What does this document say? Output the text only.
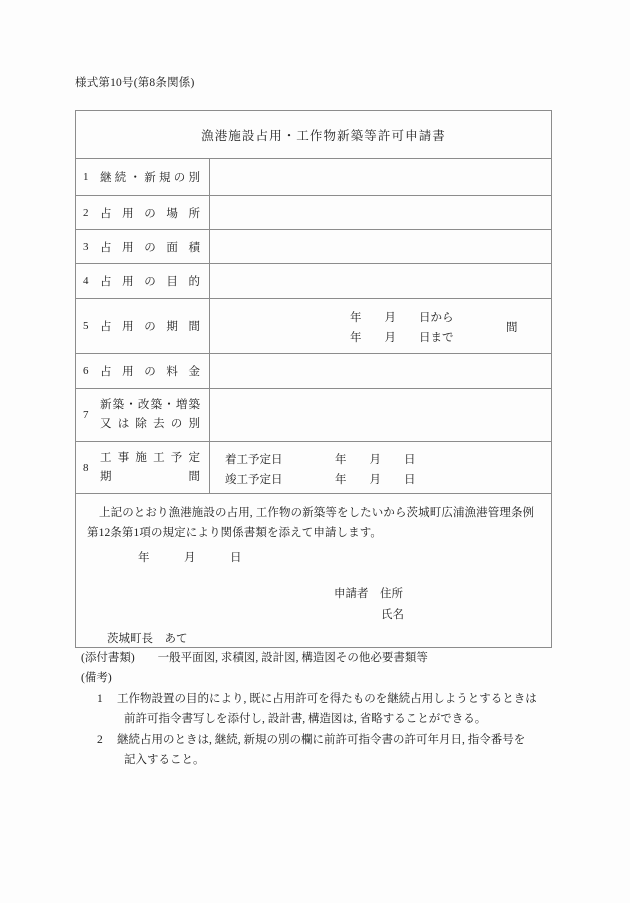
様式第10号(第8条関係)
漁港施設占用・工作物新築等許可申請書	

1 継続・新規の別	

2 占用の場所	

3 占用の面積	

4 占用の目的	

5 占用の期間	年　　月　　日から
年　　月　　日まで
間

6 占用の料金	

7
新築・改築・増築
又は除去の別	

8
工事施工予定
期間

着工予定日	年　　月　　日
竣工予定日	年　　月　　日

上記のとおり漁港施設の占用, 工作物の新築等をしたいから茨城町広浦漁港管理条例第12条第1項の規定により関係書類を添えて申請します。
年　　　月　　　日
申請者　住所
氏名
茨城町長　あて	
(添付書類)　　一般平面図, 求積図, 設計図, 構造図その他必要書類等
(備考)
1	工作物設置の目的により, 既に占用許可を得たものを継続占用しようとするときは
前許可指令書写しを添付し, 設計書, 構造図は, 省略することができる。
2	継続占用のときは, 継続, 新規の別の欄に前許可指令書の許可年月日, 指令番号を
記入すること。
